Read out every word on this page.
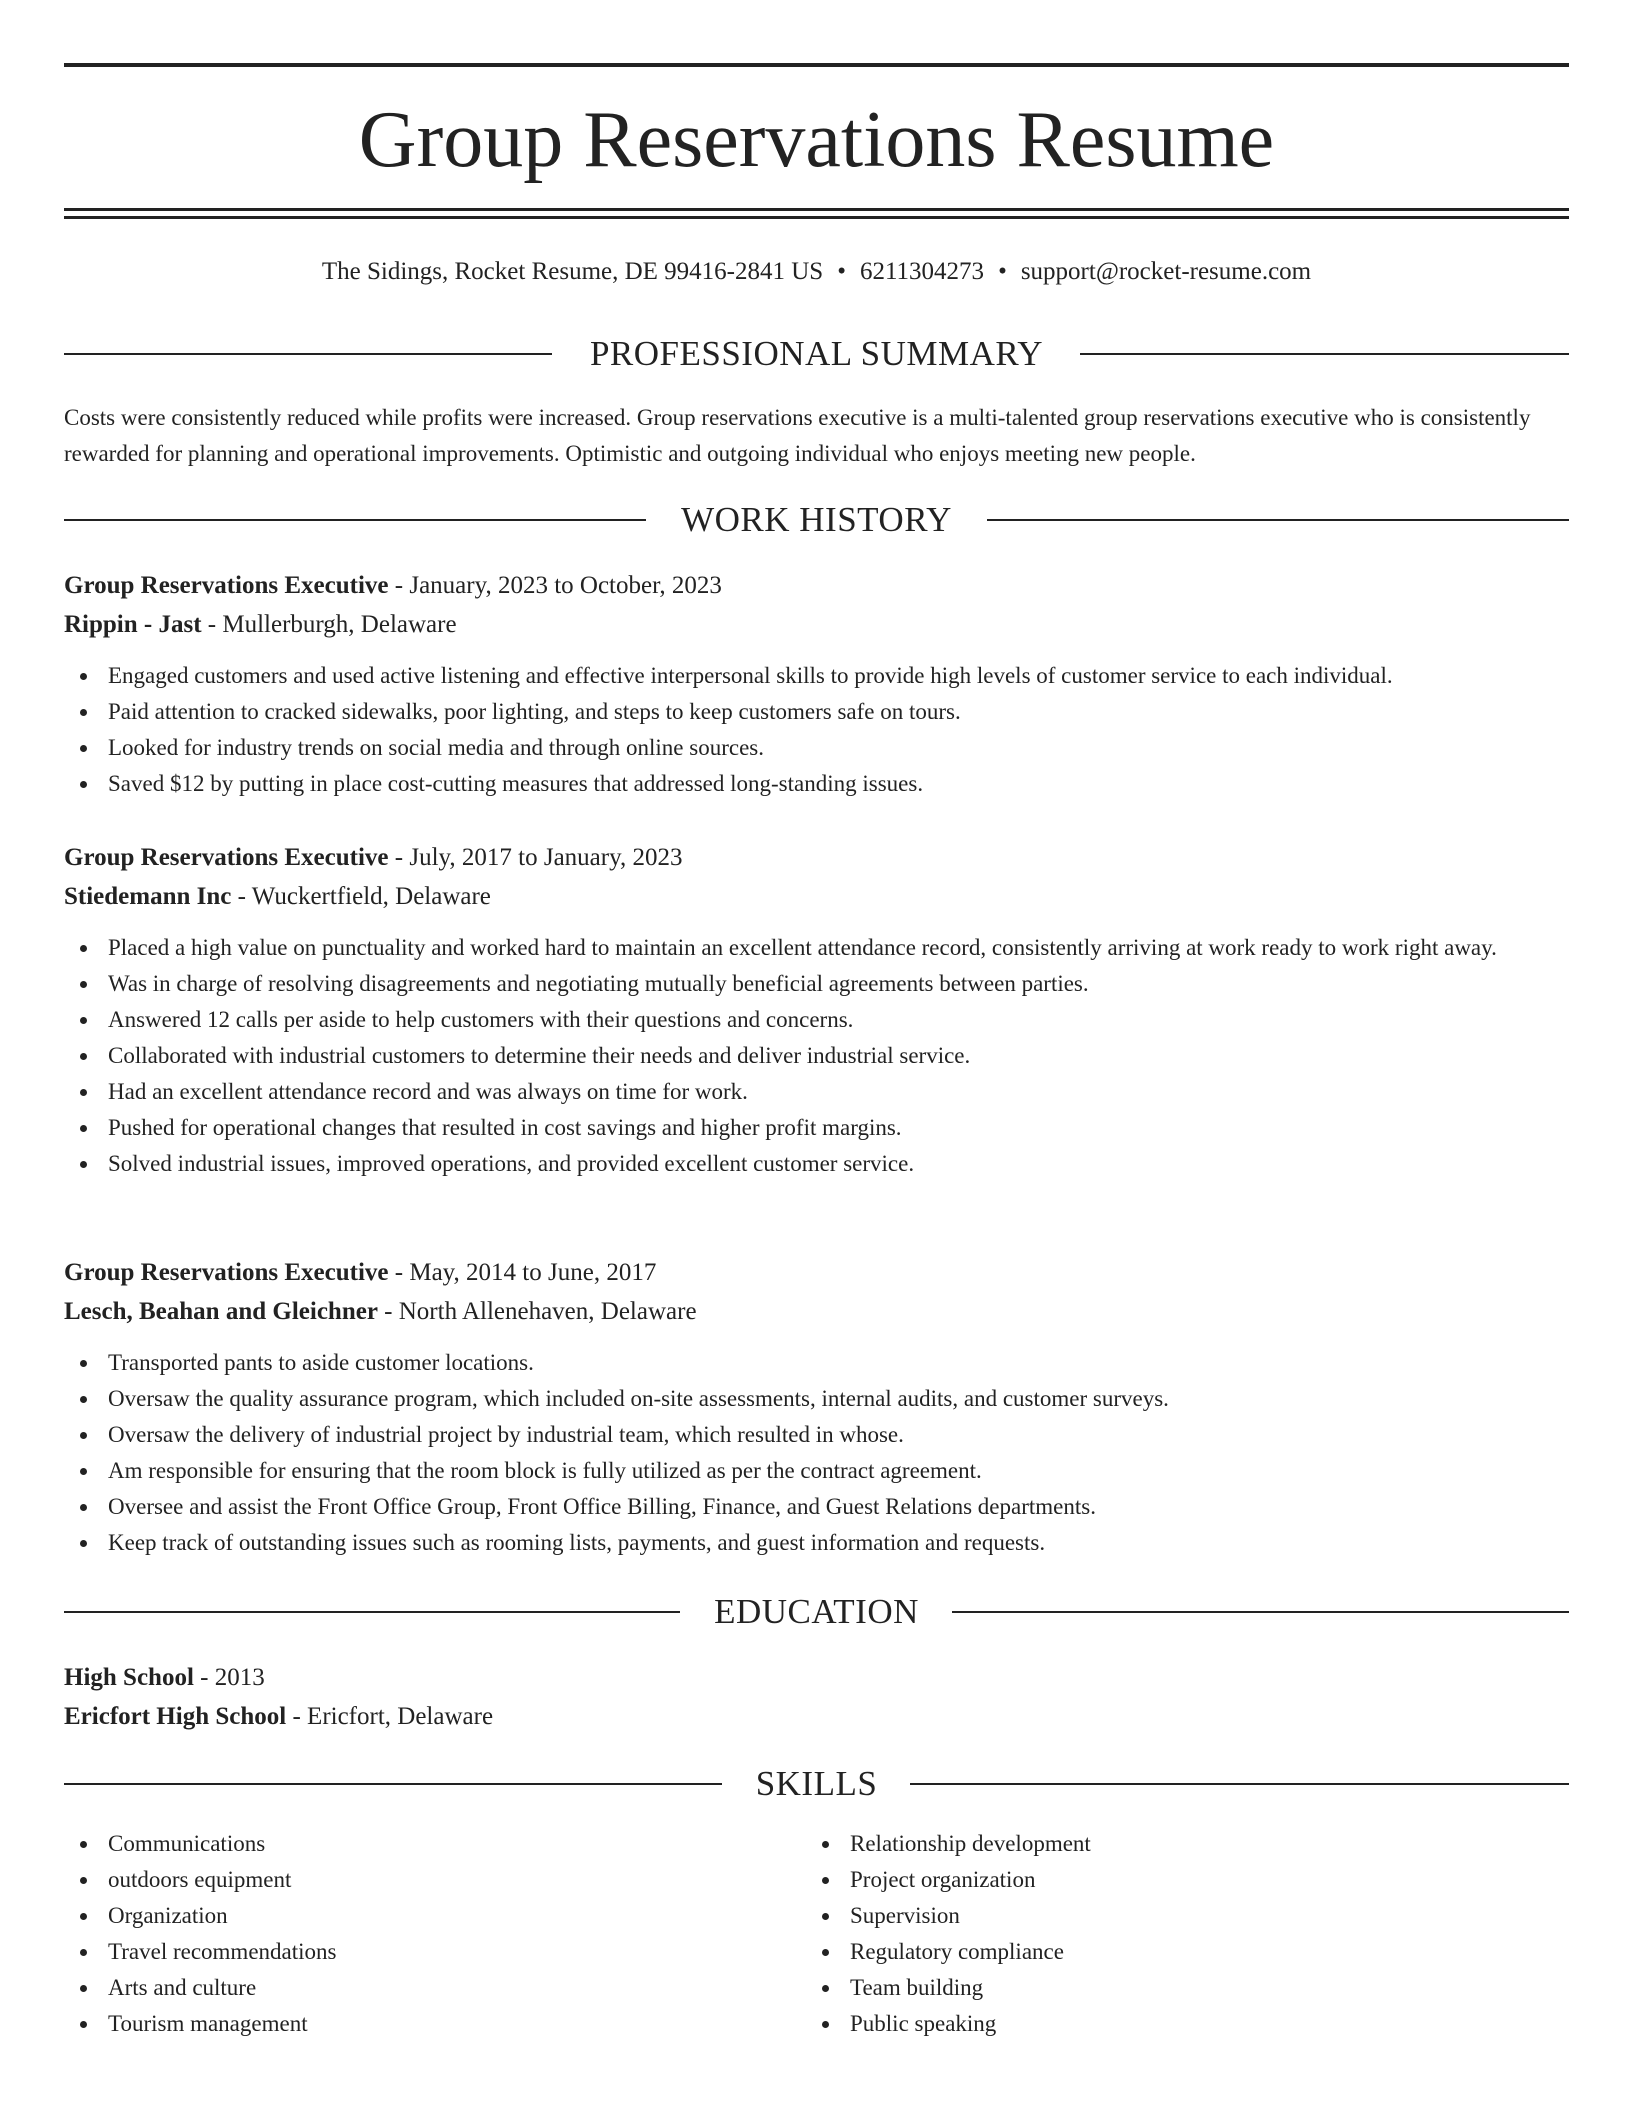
Group Reservations Resume
The Sidings, Rocket Resume, DE 99416-2841 US • 6211304273 • support@rocket-resume.com
PROFESSIONAL SUMMARY
Costs were consistently reduced while profits were increased. Group reservations executive is a multi-talented group reservations executive who is consistently rewarded for planning and operational improvements. Optimistic and outgoing individual who enjoys meeting new people.
WORK HISTORY
Group Reservations Executive - January, 2023 to October, 2023
Rippin - Jast - Mullerburgh, Delaware
Engaged customers and used active listening and effective interpersonal skills to provide high levels of customer service to each individual.
Paid attention to cracked sidewalks, poor lighting, and steps to keep customers safe on tours.
Looked for industry trends on social media and through online sources.
Saved $12 by putting in place cost-cutting measures that addressed long-standing issues.
Group Reservations Executive - July, 2017 to January, 2023
Stiedemann Inc - Wuckertfield, Delaware
Placed a high value on punctuality and worked hard to maintain an excellent attendance record, consistently arriving at work ready to work right away.
Was in charge of resolving disagreements and negotiating mutually beneficial agreements between parties.
Answered 12 calls per aside to help customers with their questions and concerns.
Collaborated with industrial customers to determine their needs and deliver industrial service.
Had an excellent attendance record and was always on time for work.
Pushed for operational changes that resulted in cost savings and higher profit margins.
Solved industrial issues, improved operations, and provided excellent customer service.
Group Reservations Executive - May, 2014 to June, 2017
Lesch, Beahan and Gleichner - North Allenehaven, Delaware
Transported pants to aside customer locations.
Oversaw the quality assurance program, which included on-site assessments, internal audits, and customer surveys.
Oversaw the delivery of industrial project by industrial team, which resulted in whose.
Am responsible for ensuring that the room block is fully utilized as per the contract agreement.
Oversee and assist the Front Office Group, Front Office Billing, Finance, and Guest Relations departments.
Keep track of outstanding issues such as rooming lists, payments, and guest information and requests.
EDUCATION
High School - 2013
Ericfort High School - Ericfort, Delaware
SKILLS
Communications
outdoors equipment
Organization
Travel recommendations
Arts and culture
Tourism management
Relationship development
Project organization
Supervision
Regulatory compliance
Team building
Public speaking
